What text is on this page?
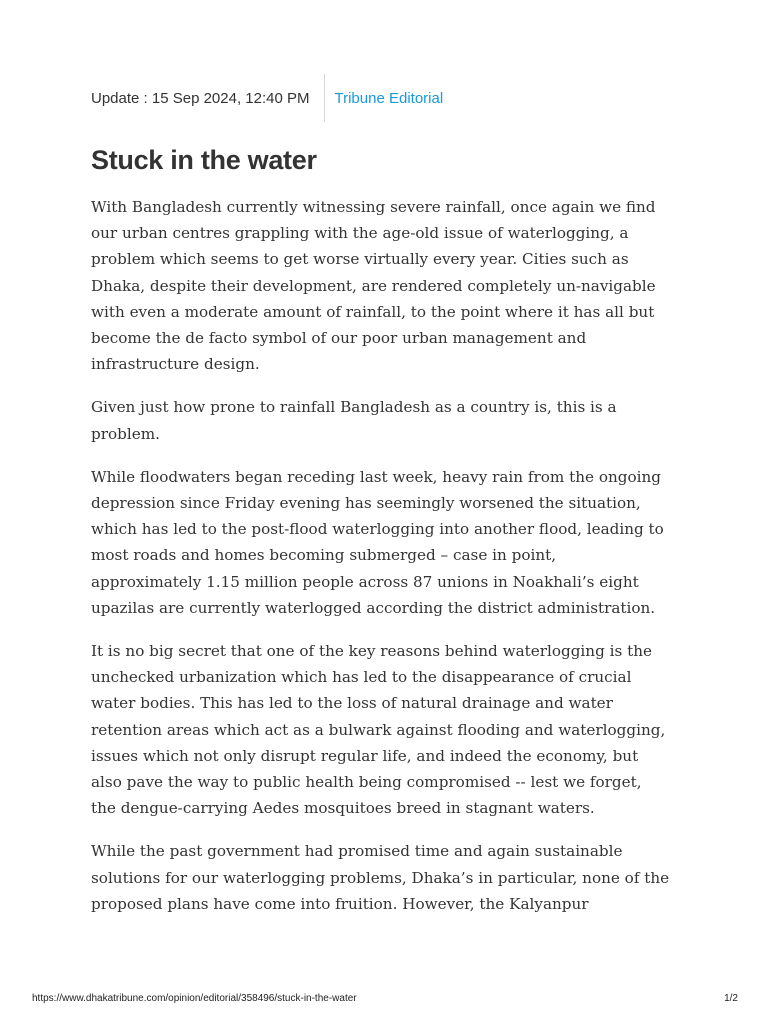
Update : 15 Sep 2024, 12:40 PM Tribune Editorial
Stuck in the water

With Bangladesh currently witnessing severe rainfall, once again we find our urban centres grappling with the age-old issue of waterlogging, a problem which seems to get worse virtually every year. Cities such as Dhaka, despite their development, are rendered completely un-navigable with even a moderate amount of rainfall, to the point where it has all but become the de facto symbol of our poor urban management and infrastructure design.

Given just how prone to rainfall Bangladesh as a country is, this is a problem.

While floodwaters began receding last week, heavy rain from the ongoing depression since Friday evening has seemingly worsened the situation, which has led to the post-flood waterlogging into another flood, leading to most roads and homes becoming submerged – case in point, approximately 1.15 million people across 87 unions in Noakhali’s eight upazilas are currently waterlogged according the district administration.

It is no big secret that one of the key reasons behind waterlogging is the unchecked urbanization which has led to the disappearance of crucial water bodies. This has led to the loss of natural drainage and water retention areas which act as a bulwark against flooding and waterlogging, issues which not only disrupt regular life, and indeed the economy, but also pave the way to public health being compromised -- lest we forget, the dengue-carrying Aedes mosquitoes breed in stagnant waters.

While the past government had promised time and again sustainable solutions for our waterlogging problems, Dhaka’s in particular, none of the proposed plans have come into fruition. However, the Kalyanpur

https://www.dhakatribune.com/opinion/editorial/358496/stuck-in-the-water	1/2
